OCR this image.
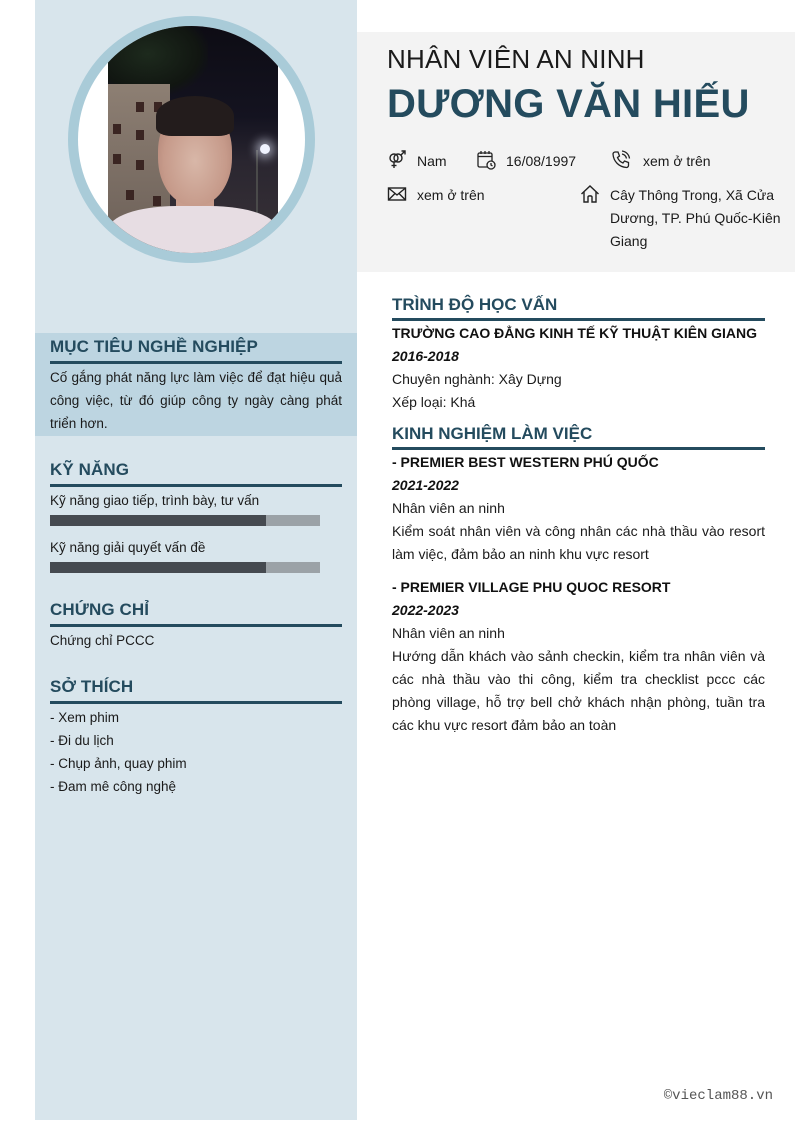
MỤC TIÊU NGHỀ NGHIỆP
Cố gắng phát năng lực làm việc để đạt hiệu quả công việc, từ đó giúp công ty ngày càng phát triển hơn.
KỸ NĂNG
Kỹ năng giao tiếp, trình bày, tư vấn
Kỹ năng giải quyết vấn đề
CHỨNG CHỈ
Chứng chỉ PCCC
SỞ THÍCH
- Xem phim
- Đi du lịch
- Chụp ảnh, quay phim
- Đam mê công nghệ
NHÂN VIÊN AN NINH
DƯƠNG VĂN HIẾU
Nam	16/08/1997	xem ở trên
xem ở trên	Cây Thông Trong, Xã Cửa
Dương, TP. Phú Quốc-Kiên
Giang
TRÌNH ĐỘ HỌC VẤN
TRƯỜNG CAO ĐẲNG KINH TẾ KỸ THUẬT KIÊN GIANG
2016-2018
Chuyên nghành: Xây Dựng
Xếp loại: Khá
KINH NGHIỆM LÀM VIỆC
- PREMIER BEST WESTERN PHÚ QUỐC
2021-2022
Nhân viên an ninh
Kiểm soát nhân viên và công nhân các nhà thầu vào resort làm việc, đảm bảo an ninh khu vực resort
- PREMIER VILLAGE PHU QUOC RESORT
2022-2023
Nhân viên an ninh
Hướng dẫn khách vào sảnh checkin, kiểm tra nhân viên và các nhà thầu vào thi công, kiểm tra checklist pccc các phòng village, hỗ trợ bell chở khách nhận phòng, tuần tra các khu vực resort đảm bảo an toàn
©vieclam88.vn
